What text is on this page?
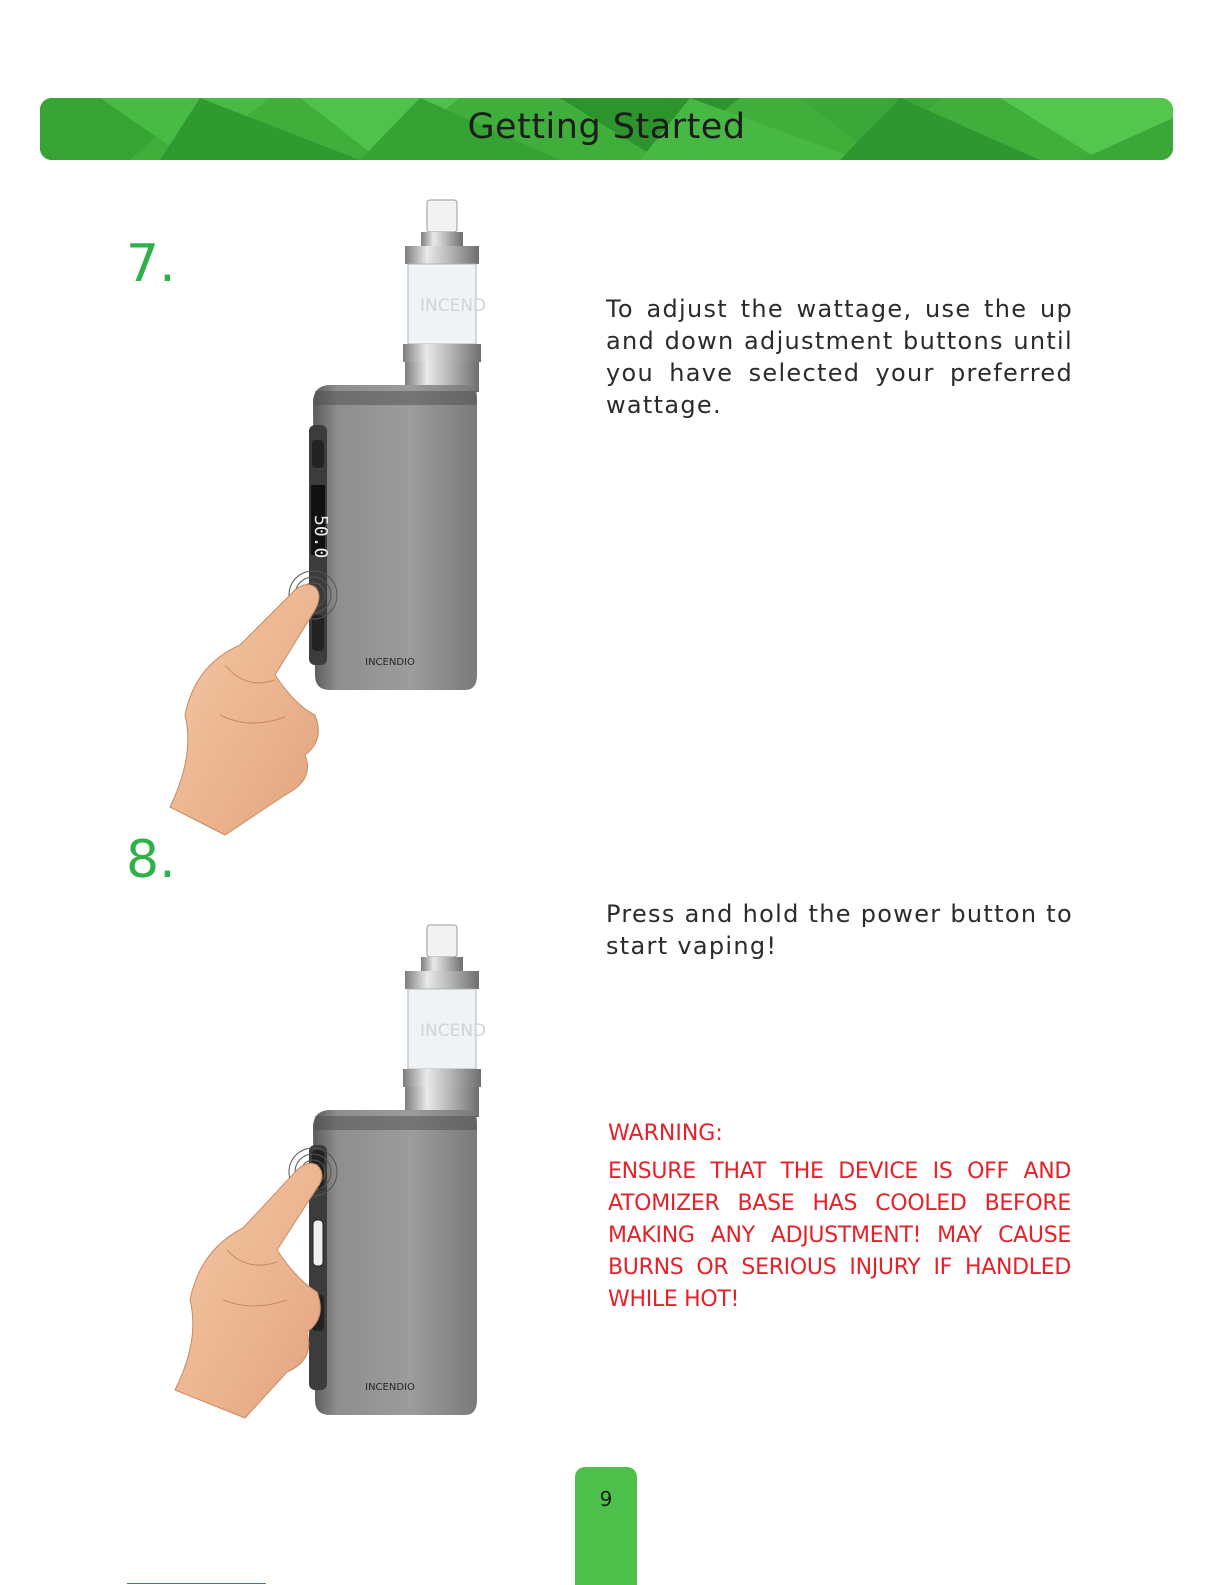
Getting Started
7.
INCEND
50.0
INCENDIO
To adjust the wattage, use the up and down adjustment buttons until you have selected your preferred wattage.
8.
INCEND
INCENDIO
Press and hold the power button to start vaping!
WARNING:
ENSURE THAT THE DEVICE IS OFF AND ATOMIZER BASE HAS COOLED BEFORE MAKING ANY ADJUSTMENT! MAY CAUSE BURNS OR SERIOUS INJURY IF HANDLED WHILE HOT!
9
